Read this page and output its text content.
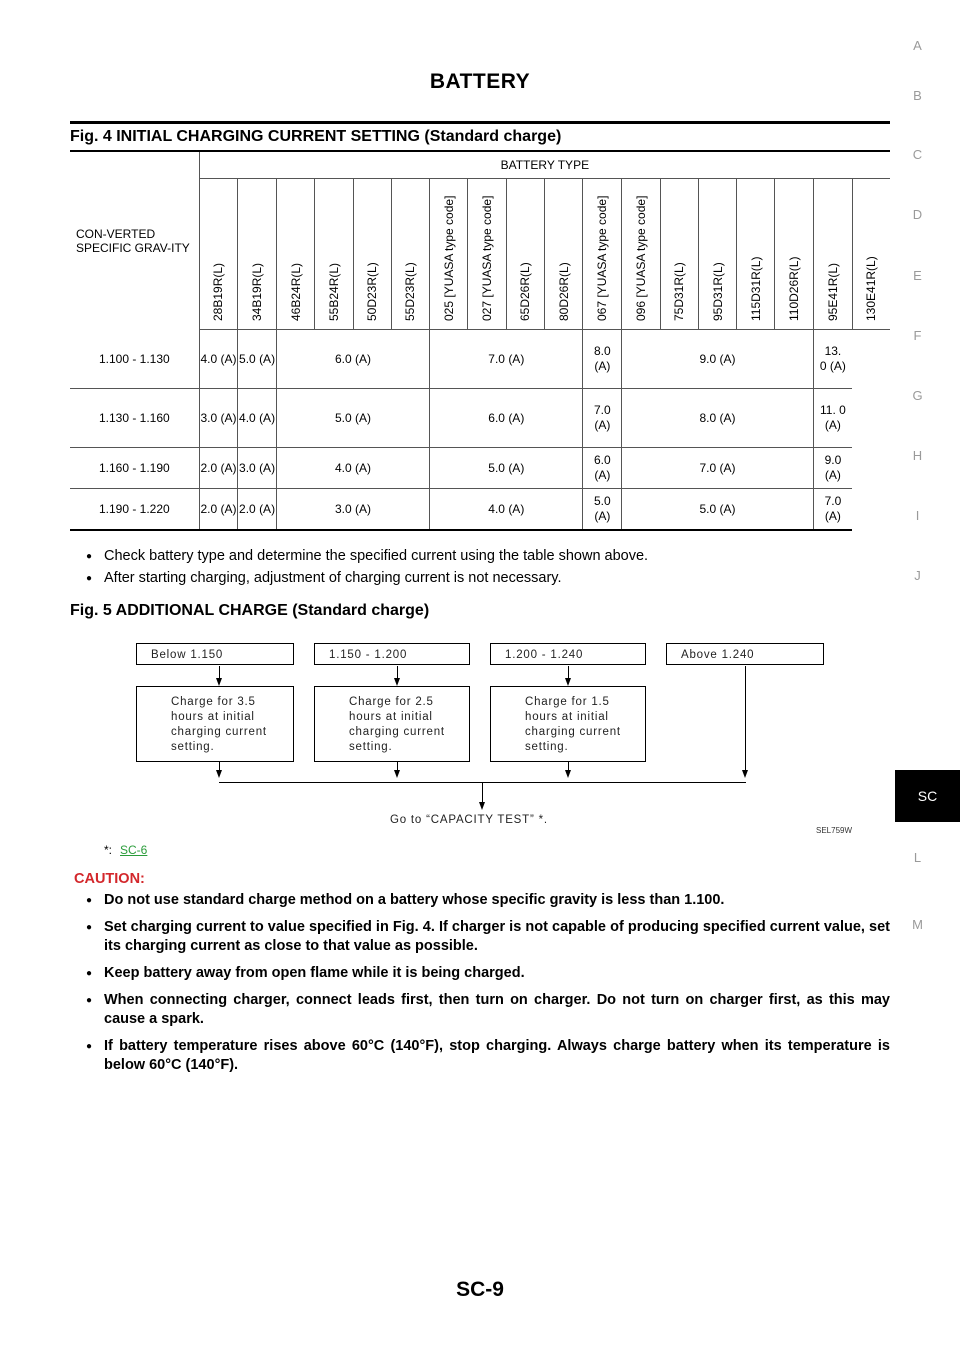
BATTERY
A
B
C
D
E
F
G
H
I
J
SC
L
M
Fig. 4 INITIAL CHARGING CURRENT SETTING (Standard charge)
CON-VERTED SPECIFIC GRAV-ITY	BATTERY TYPE																	

	28B19R(L)	34B19R(L)	46B24R(L)	55B24R(L)	50D23R(L)	55D23R(L)	025 [YUASA type code]	027 [YUASA type code]	65D26R(L)	80D26R(L)	067 [YUASA type code]	096 [YUASA type code]	75D31R(L)	95D31R(L)	115D31R(L)	110D26R(L)	95E41R(L)	130E41R(L)

1.100 - 1.130	4.0 (A)	5.0 (A)	6.0 (A)				7.0 (A)				8.0 (A)	9.0 (A)					13. 0 (A)	
1.130 - 1.160	3.0 (A)	4.0 (A)	5.0 (A)				6.0 (A)				7.0 (A)	8.0 (A)					11. 0 (A)	
1.160 - 1.190	2.0 (A)	3.0 (A)	4.0 (A)				5.0 (A)				6.0 (A)	7.0 (A)					9.0 (A)	
1.190 - 1.220	2.0 (A)	2.0 (A)	3.0 (A)				4.0 (A)				5.0 (A)	5.0 (A)					7.0 (A)	
● Check battery type and determine the specified current using the table shown above.
● After starting charging, adjustment of charging current is not necessary.
Fig. 5 ADDITIONAL CHARGE (Standard charge)
Below 1.150	1.150 - 1.200	1.200 - 1.240	Above 1.240
Charge for 3.5 hours at initial charging current setting.
Charge for 2.5 hours at initial charging current setting.
Charge for 1.5 hours at initial charging current setting.
Go to “CAPACITY TEST” *.
SEL759W
*: SC-6
CAUTION:
● Do not use standard charge method on a battery whose specific gravity is less than 1.100.
● Set charging current to value specified in Fig. 4. If charger is not capable of producing specified current value, set its charging current as close to that value as possible.
● Keep battery away from open flame while it is being charged.
● When connecting charger, connect leads first, then turn on charger. Do not turn on charger first, as this may cause a spark.
● If battery temperature rises above 60°C (140°F), stop charging. Always charge battery when its temperature is below 60°C (140°F).
SC-9
